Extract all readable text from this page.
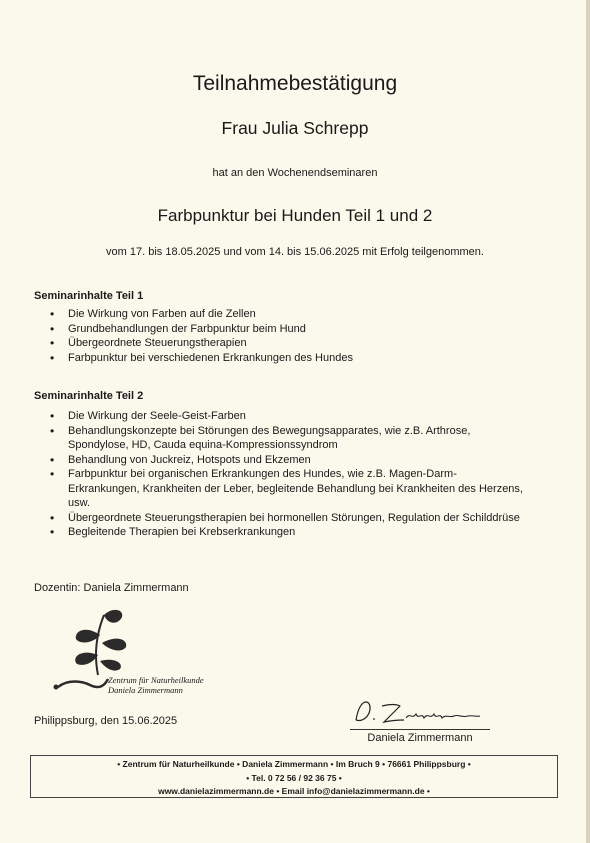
Teilnahmebestätigung
Frau Julia Schrepp
hat an den Wochenendseminaren
Farbpunktur bei Hunden Teil 1 und 2
vom 17. bis 18.05.2025 und vom 14. bis 15.06.2025 mit Erfolg teilgenommen.
Seminarinhalte Teil 1
• Die Wirkung von Farben auf die Zellen
• Grundbehandlungen der Farbpunktur beim Hund
• Übergeordnete Steuerungstherapien
• Farbpunktur bei verschiedenen Erkrankungen des Hundes
Seminarinhalte Teil 2
• Die Wirkung der Seele-Geist-Farben
• Behandlungskonzepte bei Störungen des Bewegungsapparates, wie z.B. Arthrose, Spondylose, HD, Cauda equina-Kompressionssyndrom
• Behandlung von Juckreiz, Hotspots und Ekzemen
• Farbpunktur bei organischen Erkrankungen des Hundes, wie z.B. Magen-Darm-Erkrankungen, Krankheiten der Leber, begleitende Behandlung bei Krankheiten des Herzens, usw.
• Übergeordnete Steuerungstherapien bei hormonellen Störungen, Regulation der Schilddrüse
• Begleitende Therapien bei Krebserkrankungen
Dozentin: Daniela Zimmermann
Zentrum für Naturheilkunde
Daniela Zimmermann
Philippsburg, den 15.06.2025
Daniela Zimmermann
• Zentrum für Naturheilkunde • Daniela Zimmermann • Im Bruch 9 • 76661 Philippsburg •
• Tel. 0 72 56 / 92 36 75 •
www.danielazimmermann.de • Email info@danielazimmermann.de •
